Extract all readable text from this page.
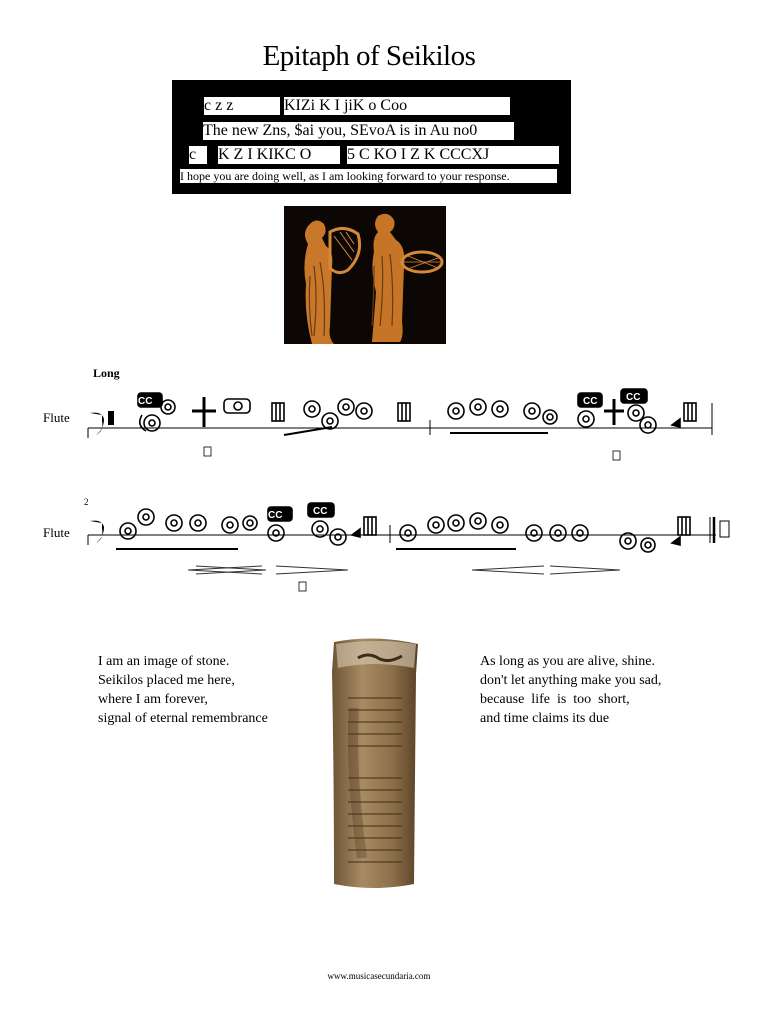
Epitaph of Seikilos
c z z	KIZi K I jiK o Coo
The new Zns, $ai you, SEvoA is in Au no0
c	K Z I KIKC O	5 C KO I Z K CCCXJ
I hope you are doing well, as I am looking forward to your response.
Long
Flute
2
Flute
CC	CC	CC
CC	CC
I am an image of stone.
Seikilos placed me here,
where I am forever,
signal of eternal remembrance
As long as you are alive, shine.
don't let anything make you sad,
because  life  is  too  short,
and time claims its due
www.musicasecundaria.com
